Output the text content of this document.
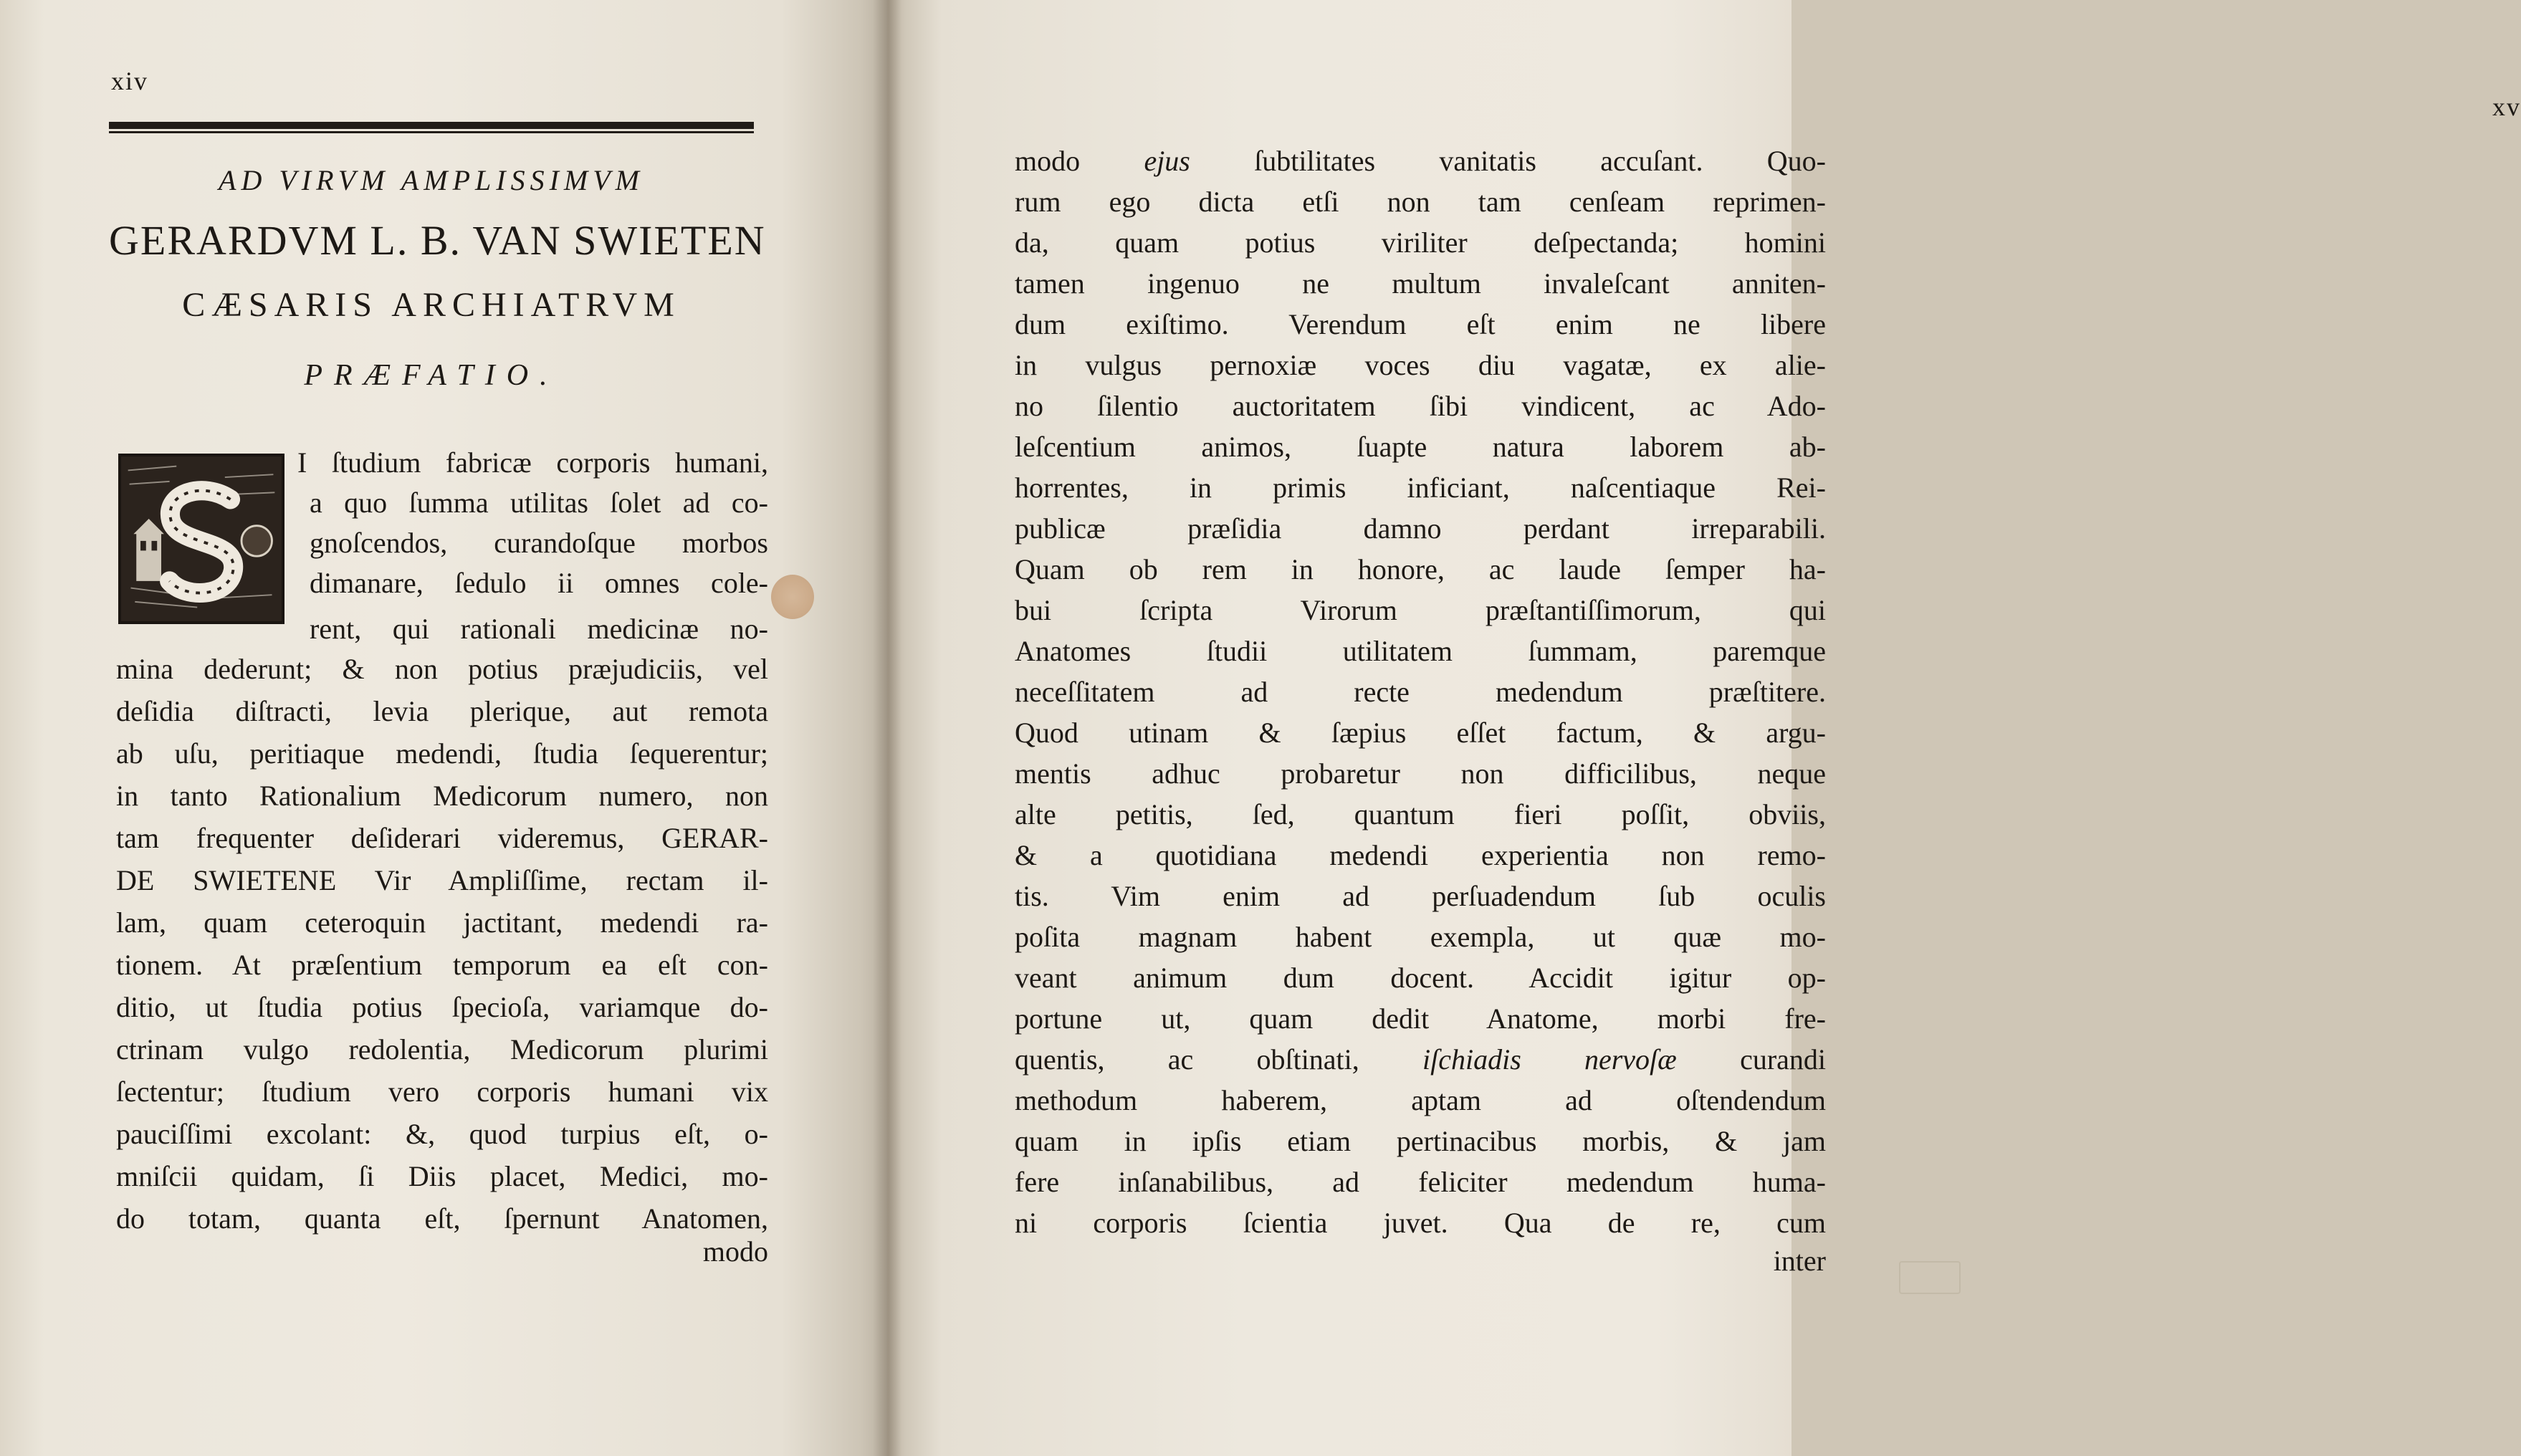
xiv
AD VIRVM AMPLISSIMVM
GERARDVM L. B. VAN SWIETEN
CÆSARIS ARCHIATRVM
PRÆFATIO.
I ſtudium fabricæ corporis humani,
a quo ſumma utilitas ſolet ad co-
gnoſcendos, curandoſque morbos
dimanare, ſedulo ii omnes cole-
rent, qui rationali medicinæ no-
mina dederunt; & non potius præjudiciis, vel
deſidia diſtracti, levia plerique, aut remota
ab uſu, peritiaque medendi, ſtudia ſequerentur;
in tanto Rationalium Medicorum numero, non
tam frequenter deſiderari videremus, GERAR-
DE SWIETENE Vir Ampliſſime, rectam il-
lam, quam ceteroquin jactitant, medendi ra-
tionem. At præſentium temporum ea eſt con-
ditio, ut ſtudia potius ſpecioſa, variamque do-
ctrinam vulgo redolentia, Medicorum plurimi
ſectentur; ſtudium vero corporis humani vix
pauciſſimi excolant: &, quod turpius eſt, o-
mniſcii quidam, ſi Diis placet, Medici, mo-
do totam, quanta eſt, ſpernunt Anatomen,
modo
xv
modo ejus ſubtilitates vanitatis accuſant. Quo-
rum ego dicta etſi non tam cenſeam reprimen-
da, quam potius viriliter deſpectanda; homini
tamen ingenuo ne multum invaleſcant anniten-
dum exiſtimo. Verendum eſt enim ne libere
in vulgus pernoxiæ voces diu vagatæ, ex alie-
no ſilentio auctoritatem ſibi vindicent, ac Ado-
leſcentium animos, ſuapte natura laborem ab-
horrentes, in primis inficiant, naſcentiaque Rei-
publicæ præſidia damno perdant irreparabili.
Quam ob rem in honore, ac laude ſemper ha-
bui ſcripta Virorum præſtantiſſimorum, qui
Anatomes ſtudii utilitatem ſummam, paremque
neceſſitatem ad recte medendum præſtitere.
Quod utinam & ſæpius eſſet factum, & argu-
mentis adhuc probaretur non difficilibus, neque
alte petitis, ſed, quantum fieri poſſit, obviis,
& a quotidiana medendi experientia non remo-
tis. Vim enim ad perſuadendum ſub oculis
poſita magnam habent exempla, ut quæ mo-
veant animum dum docent. Accidit igitur op-
portune ut, quam dedit Anatome, morbi fre-
quentis, ac obſtinati, iſchiadis nervoſæ curandi
methodum haberem, aptam ad oſtendendum
quam in ipſis etiam pertinacibus morbis, & jam
fere inſanabilibus, ad feliciter medendum huma-
ni corporis ſcientia juvet. Qua de re, cum
inter
